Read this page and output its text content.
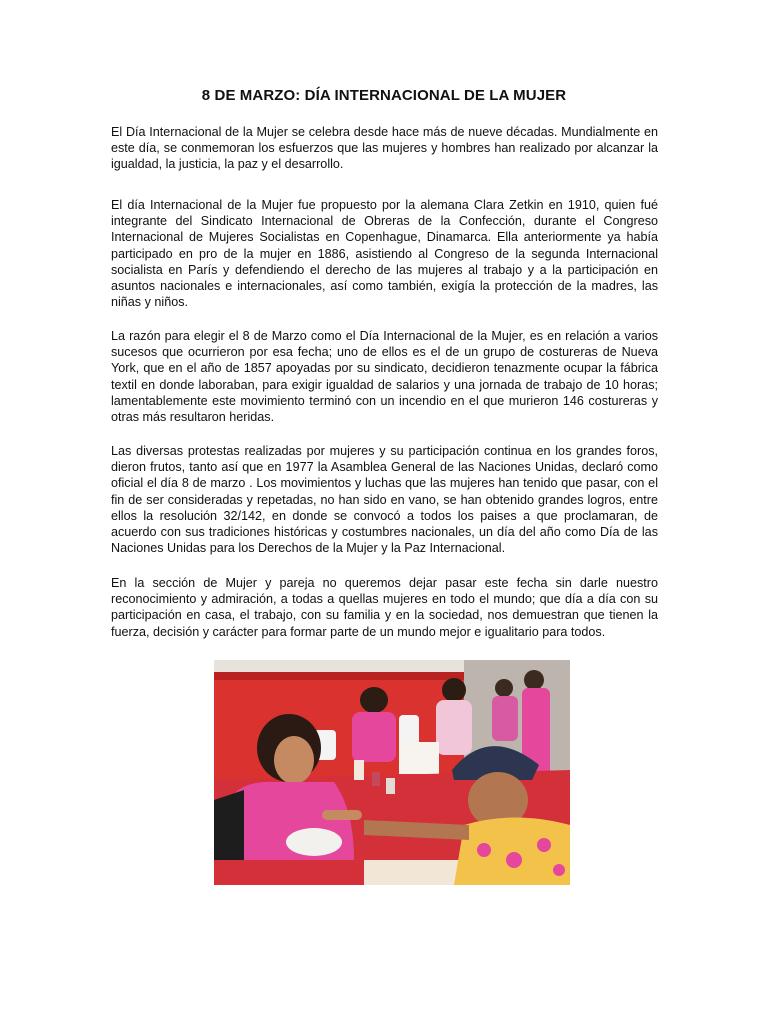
8 DE MARZO: DÍA INTERNACIONAL DE LA MUJER

El Día Internacional de la Mujer se celebra desde hace más de nueve décadas. Mundialmente en este día, se conmemoran los esfuerzos que las mujeres y hombres han realizado por alcanzar la igualdad, la justicia, la paz y el desarrollo.

El día Internacional de la Mujer fue propuesto por la alemana Clara Zetkin en 1910, quien fué integrante del Sindicato Internacional de Obreras de la Confección, durante el Congreso Internacional de Mujeres Socialistas en Copenhague, Dinamarca. Ella anteriormente ya había participado en pro de la mujer en 1886, asistiendo al Congreso de la segunda Internacional socialista en París y defendiendo el derecho de las mujeres al trabajo y a la participación en asuntos nacionales e internacionales, así como también, exigía la protección de la madres, las niñas y niños.

La razón para elegir el 8 de Marzo como el Día Internacional de la Mujer, es en relación a varios sucesos que ocurrieron por esa fecha; uno de ellos es el de un grupo de costureras de Nueva York, que en el año de 1857 apoyadas por su sindicato, decidieron tenazmente ocupar la fábrica textil en donde laboraban, para exigir igualdad de salarios y una jornada de trabajo de 10 horas; lamentablemente este movimiento terminó con un incendio en el que murieron 146 costureras y otras más resultaron heridas.

Las diversas protestas realizadas por mujeres y su participación continua en los grandes foros, dieron frutos, tanto así que en 1977 la Asamblea General de las Naciones Unidas, declaró como oficial el día 8 de marzo . Los movimientos y luchas que las mujeres han tenido que pasar, con el fin de ser consideradas y repetadas, no han sido en vano, se han obtenido grandes logros, entre ellos la resolución 32/142, en donde se convocó a todos los paises a que proclamaran, de acuerdo con sus tradiciones históricas y costumbres nacionales, un día del año como Día de las Naciones Unidas para los Derechos de la Mujer y la Paz Internacional.

En la sección de Mujer y pareja no queremos dejar pasar este fecha sin darle nuestro reconocimiento y admiración, a todas a quellas mujeres en todo el mundo; que día a día con su participación en casa, el trabajo, con su familia y en la sociedad, nos demuestran que tienen la fuerza, decisión y carácter para formar parte de un mundo mejor e igualitario para todos.
